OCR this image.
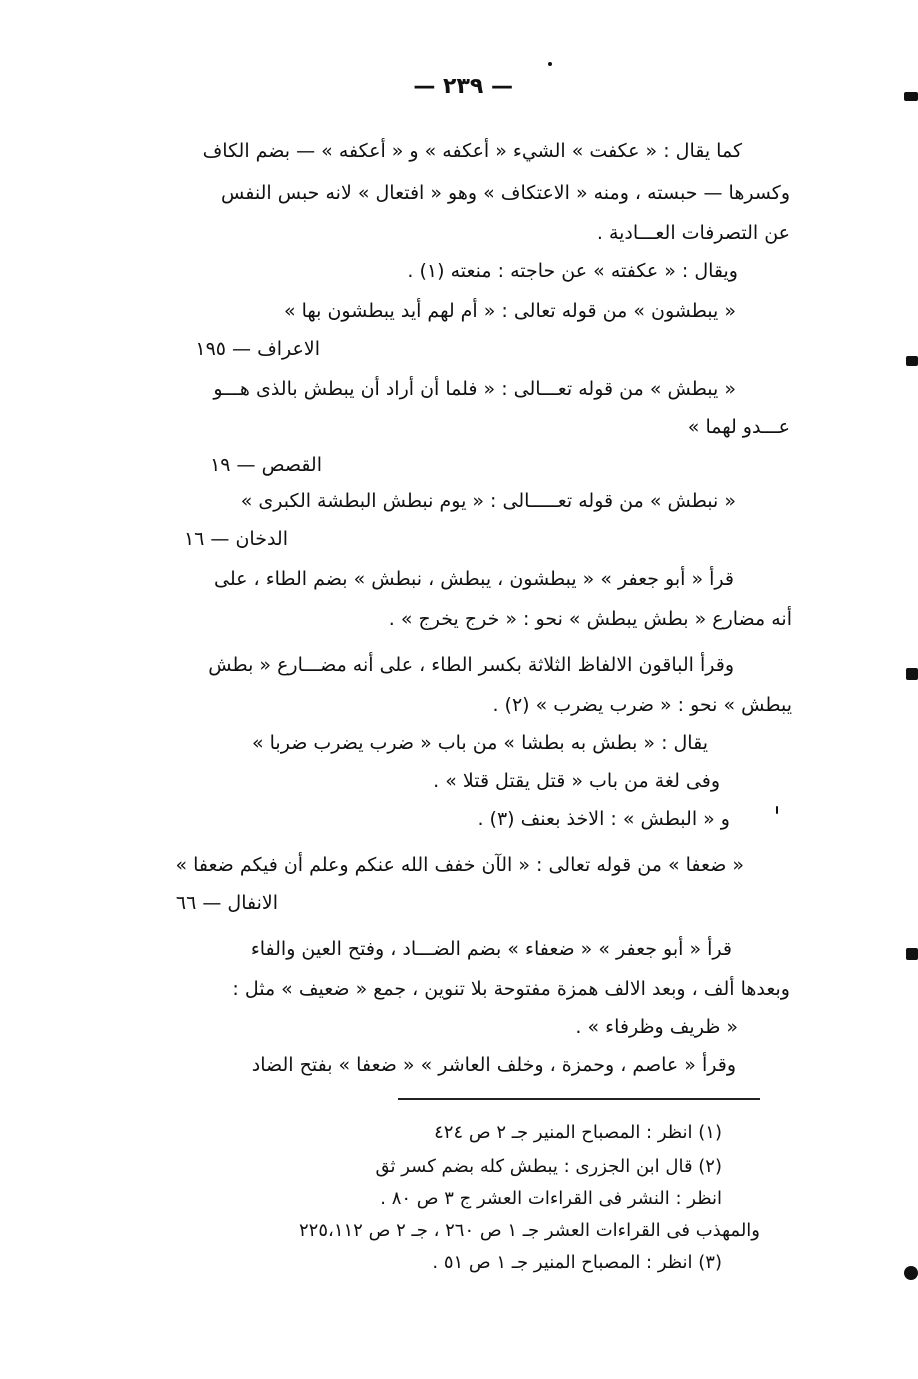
— ٢٣٩ —
كما يقال : « عكفت » الشيء « أعكفه » و « أعكفه » — بضم الكاف
وكسرها — حبسته ، ومنه « الاعتكاف » وهو « افتعال » لانه حبس النفس
عن التصرفات العـــادية .
ويقال : « عكفته » عن حاجته : منعته (١) .
« يبطشون » من قوله تعالى : « أم لهم أيد يبطشون بها »
الاعراف — ١٩٥
« يبطش » من قوله تعـــالى : « فلما أن أراد أن يبطش بالذى هـــو
عـــدو لهما »
القصص — ١٩
« نبطش » من قوله تعـــــالى : « يوم نبطش البطشة الكبرى »
الدخان — ١٦
قرأ « أبو جعفر » « يبطشون ، يبطش ، نبطش » بضم الطاء ، على
أنه مضارع « بطش يبطش » نحو : « خرج يخرج » .
وقرأ الباقون الالفاظ الثلاثة بكسر الطاء ، على أنه مضـــارع « بطش
يبطش » نحو : « ضرب يضرب » (٢) .
يقال : « بطش به بطشا » من باب « ضرب يضرب ضربا »
وفى لغة من باب « قتل يقتل قتلا » .
و « البطش » : الاخذ بعنف (٣) .
« ضعفا » من قوله تعالى : « الآن خفف الله عنكم وعلم أن فيكم ضعفا »
الانفال — ٦٦
قرأ « أبو جعفر » « ضعفاء » بضم الضـــاد ، وفتح العين والفاء
وبعدها ألف ، وبعد الالف همزة مفتوحة بلا تنوين ، جمع « ضعيف » مثل :
« ظريف وظرفاء » .
وقرأ « عاصم ، وحمزة ، وخلف العاشر » « ضعفا » بفتح الضاد
(١) انظر : المصباح المنير جـ ٢ ص ٤٢٤
(٢) قال ابن الجزرى : يبطش كله بضم كسر ثق
انظر : النشر فى القراءات العشر ج ٣ ص ٨٠ .
والمهذب فى القراءات العشر جـ ١ ص ٢٦٠ ، جـ ٢ ص ٢٢٥،١١٢
(٣) انظر : المصباح المنير جـ ١ ص ٥١ .
